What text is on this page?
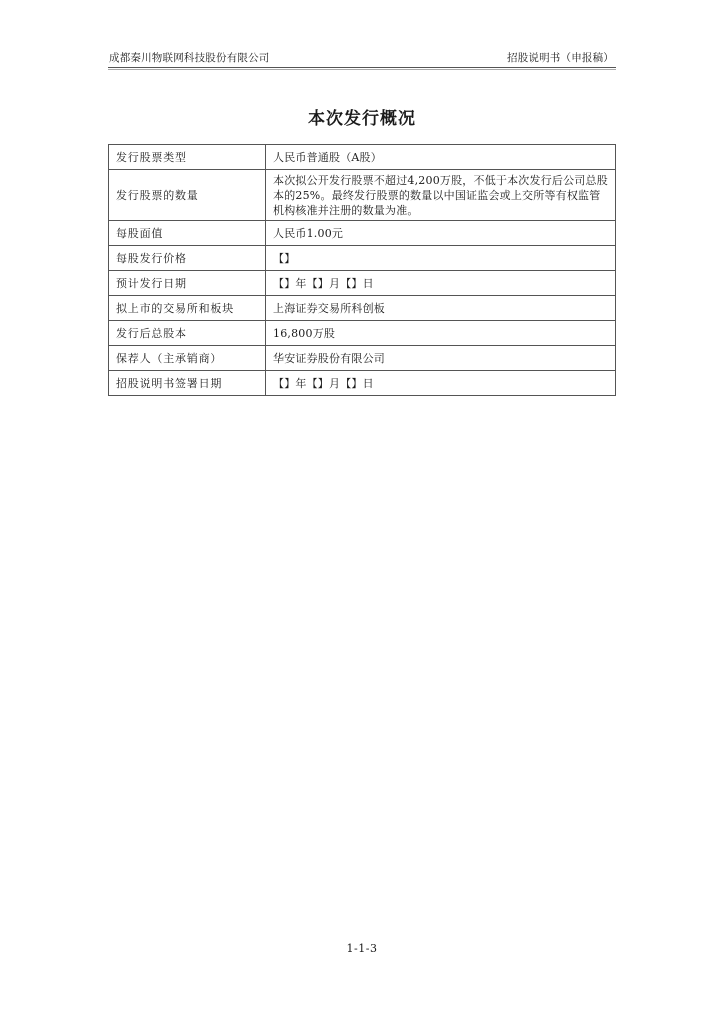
成都秦川物联网科技股份有限公司	招股说明书（申报稿）
本次发行概况
发行股票类型	人民币普通股（A股）
发行股票的数量	本次拟公开发行股票不超过4,200万股，不低于本次发行后公司总股本的25%。最终发行股票的数量以中国证监会或上交所等有权监管机构核准并注册的数量为准。
每股面值	人民币1.00元
每股发行价格	【】
预计发行日期	【】年【】月【】日
拟上市的交易所和板块	上海证券交易所科创板
发行后总股本	16,800万股
保荐人（主承销商）	华安证券股份有限公司
招股说明书签署日期	【】年【】月【】日
1-1-3
